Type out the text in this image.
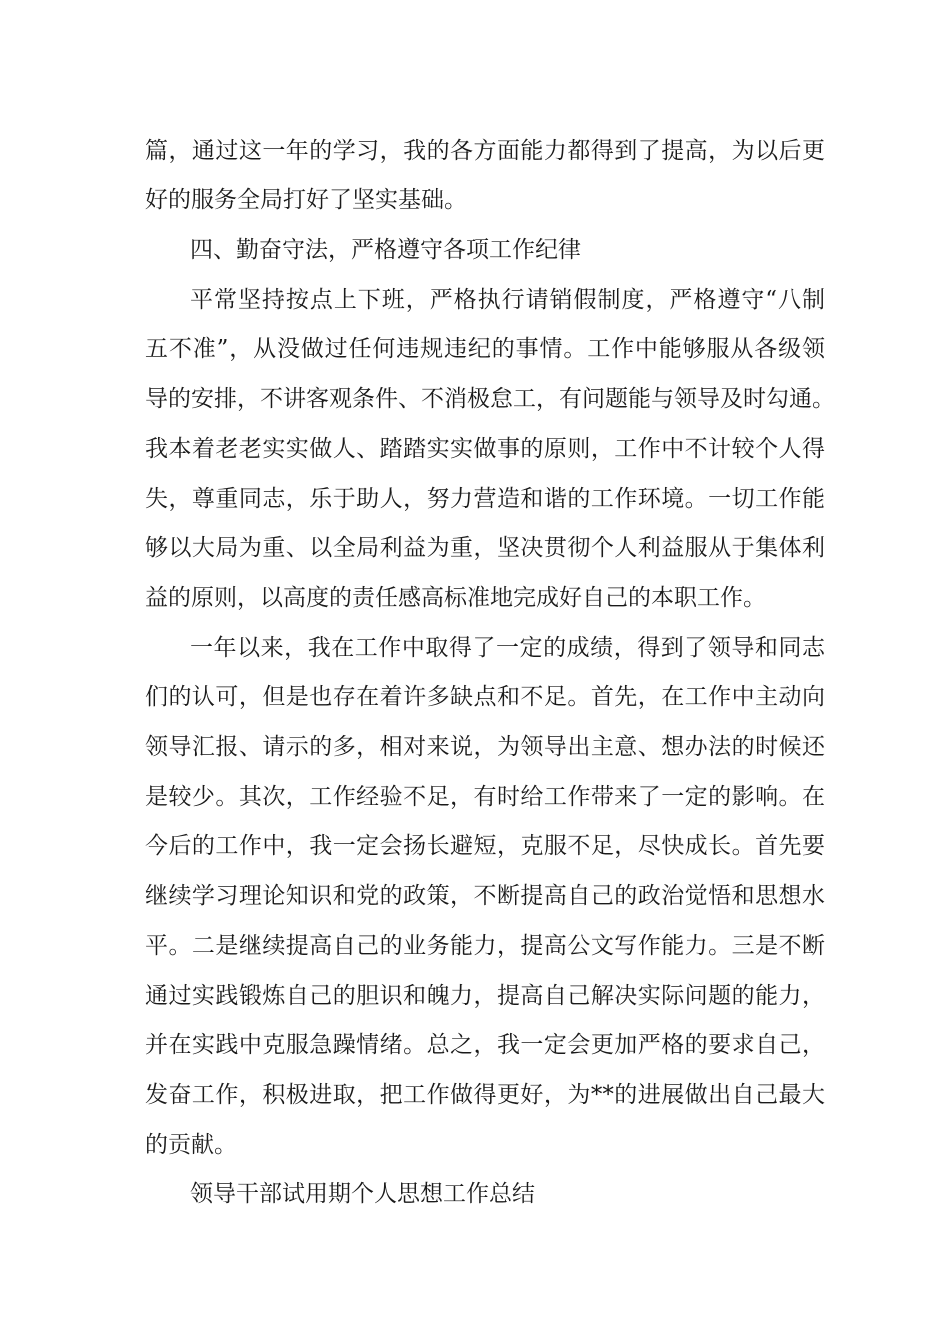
篇，通过这一年的学习，我的各方面能力都得到了提高，为以后更
好的服务全局打好了坚实基础。
四、勤奋守法，严格遵守各项工作纪律
平常坚持按点上下班，严格执行请销假制度，严格遵守“八制
五不准”，从没做过任何违规违纪的事情。工作中能够服从各级领
导的安排，不讲客观条件、不消极怠工，有问题能与领导及时勾通。
我本着老老实实做人、踏踏实实做事的原则，工作中不计较个人得
失，尊重同志，乐于助人，努力营造和谐的工作环境。一切工作能
够以大局为重、以全局利益为重，坚决贯彻个人利益服从于集体利
益的原则，以高度的责任感高标准地完成好自己的本职工作。
一年以来，我在工作中取得了一定的成绩，得到了领导和同志
们的认可，但是也存在着许多缺点和不足。首先，在工作中主动向
领导汇报、请示的多，相对来说，为领导出主意、想办法的时候还
是较少。其次，工作经验不足，有时给工作带来了一定的影响。在
今后的工作中，我一定会扬长避短，克服不足，尽快成长。首先要
继续学习理论知识和党的政策，不断提高自己的政治觉悟和思想水
平。二是继续提高自己的业务能力，提高公文写作能力。三是不断
通过实践锻炼自己的胆识和魄力，提高自己解决实际问题的能力，
并在实践中克服急躁情绪。总之，我一定会更加严格的要求自己，
发奋工作，积极进取，把工作做得更好，为**的进展做出自己最大
的贡献。
领导干部试用期个人思想工作总结
